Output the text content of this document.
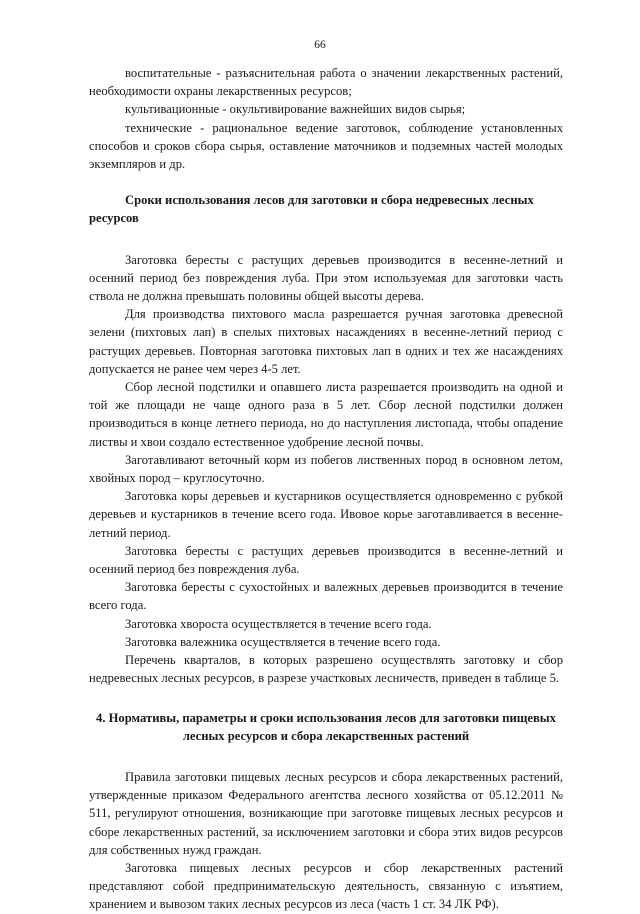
66

воспитательные - разъяснительная работа о значении лекарственных растений, необходимости охраны лекарственных ресурсов;

культивационные - окультивирование важнейших видов сырья;

технические - рациональное ведение заготовок, соблюдение установленных способов и сроков сбора сырья, оставление маточников и подземных частей молодых экземпляров и др.

Сроки использования лесов для заготовки и сбора недревесных лесных ресурсов

Заготовка бересты с растущих деревьев производится в весенне-летний и осенний период без повреждения луба. При этом используемая для заготовки часть ствола не должна превышать половины общей высоты дерева.

Для производства пихтового масла разрешается ручная заготовка древесной зелени (пихтовых лап) в спелых пихтовых насаждениях в весенне-летний период с растущих деревьев. Повторная заготовка пихтовых лап в одних и тех же насаждениях допускается не ранее чем через 4-5 лет.

Сбор лесной подстилки и опавшего листа разрешается производить на одной и той же площади не чаще одного раза в 5 лет. Сбор лесной подстилки должен производиться в конце летнего периода, но до наступления листопада, чтобы опадение листвы и хвои создало естественное удобрение лесной почвы.

Заготавливают веточный корм из побегов лиственных пород в основном летом, хвойных пород – круглосуточно.

Заготовка коры деревьев и кустарников осуществляется одновременно с рубкой деревьев и кустарников в течение всего года. Ивовое корье заготавливается в весенне-летний период.

Заготовка бересты с растущих деревьев производится в весенне-летний и осенний период без повреждения луба.

Заготовка бересты с сухостойных и валежных деревьев производится в течение всего года.

Заготовка хвороста осуществляется в течение всего года.

Заготовка валежника осуществляется в течение всего года.

Перечень кварталов, в которых разрешено осуществлять заготовку и сбор недревесных лесных ресурсов, в разрезе участковых лесничеств, приведен в таблице 5.

4. Нормативы, параметры и сроки использования лесов для заготовки пищевых лесных ресурсов и сбора лекарственных растений

Правила заготовки пищевых лесных ресурсов и сбора лекарственных растений, утвержденные приказом Федерального агентства лесного хозяйства от 05.12.2011 № 511, регулируют отношения, возникающие при заготовке пищевых лесных ресурсов и сборе лекарственных растений, за исключением заготовки и сбора этих видов ресурсов для собственных нужд граждан.

Заготовка пищевых лесных ресурсов и сбор лекарственных растений представляют собой предпринимательскую деятельность, связанную с изъятием, хранением и вывозом таких лесных ресурсов из леса (часть 1 ст. 34 ЛК РФ).
